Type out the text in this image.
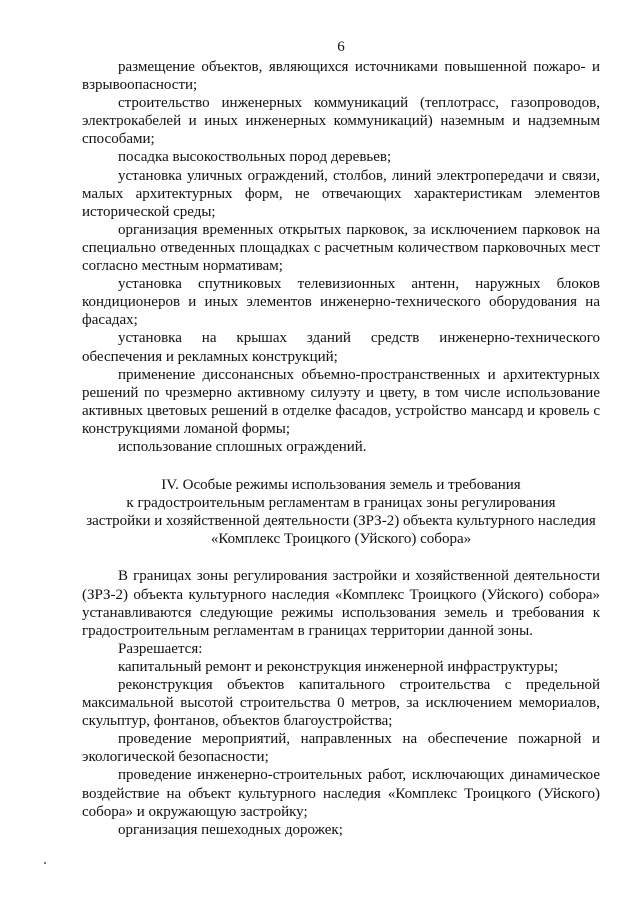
6

размещение объектов, являющихся источниками повышенной пожаро- и взрывоопасности;

строительство инженерных коммуникаций (теплотрасс, газопроводов, электрокабелей и иных инженерных коммуникаций) наземным и надземным способами;

посадка высокоствольных пород деревьев;

установка уличных ограждений, столбов, линий электропередачи и связи, малых архитектурных форм, не отвечающих характеристикам элементов исторической среды;

организация временных открытых парковок, за исключением парковок на специально отведенных площадках с расчетным количеством парковочных мест согласно местным нормативам;

установка спутниковых телевизионных антенн, наружных блоков кондиционеров и иных элементов инженерно-технического оборудования на фасадах;

установка на крышах зданий средств инженерно-технического обеспечения и рекламных конструкций;

применение диссонансных объемно-пространственных и архитектурных решений по чрезмерно активному силуэту и цвету, в том числе использование активных цветовых решений в отделке фасадов, устройство мансард и кровель с конструкциями ломаной формы;

использование сплошных ограждений.

IV. Особые режимы использования земель и требования
к градостроительным регламентам в границах зоны регулирования
застройки и хозяйственной деятельности (ЗРЗ-2) объекта культурного наследия
«Комплекс Троицкого (Уйского) собора»

В границах зоны регулирования застройки и хозяйственной деятельности (ЗРЗ-2) объекта культурного наследия «Комплекс Троицкого (Уйского) собора» устанавливаются следующие режимы использования земель и требования к градостроительным регламентам в границах территории данной зоны.

Разрешается:

капитальный ремонт и реконструкция инженерной инфраструктуры;

реконструкция объектов капитального строительства с предельной максимальной высотой строительства 0 метров, за исключением мемориалов, скульптур, фонтанов, объектов благоустройства;

проведение мероприятий, направленных на обеспечение пожарной и экологической безопасности;

проведение инженерно-строительных работ, исключающих динамическое воздействие на объект культурного наследия «Комплекс Троицкого (Уйского) собора» и окружающую застройку;

организация пешеходных дорожек;
